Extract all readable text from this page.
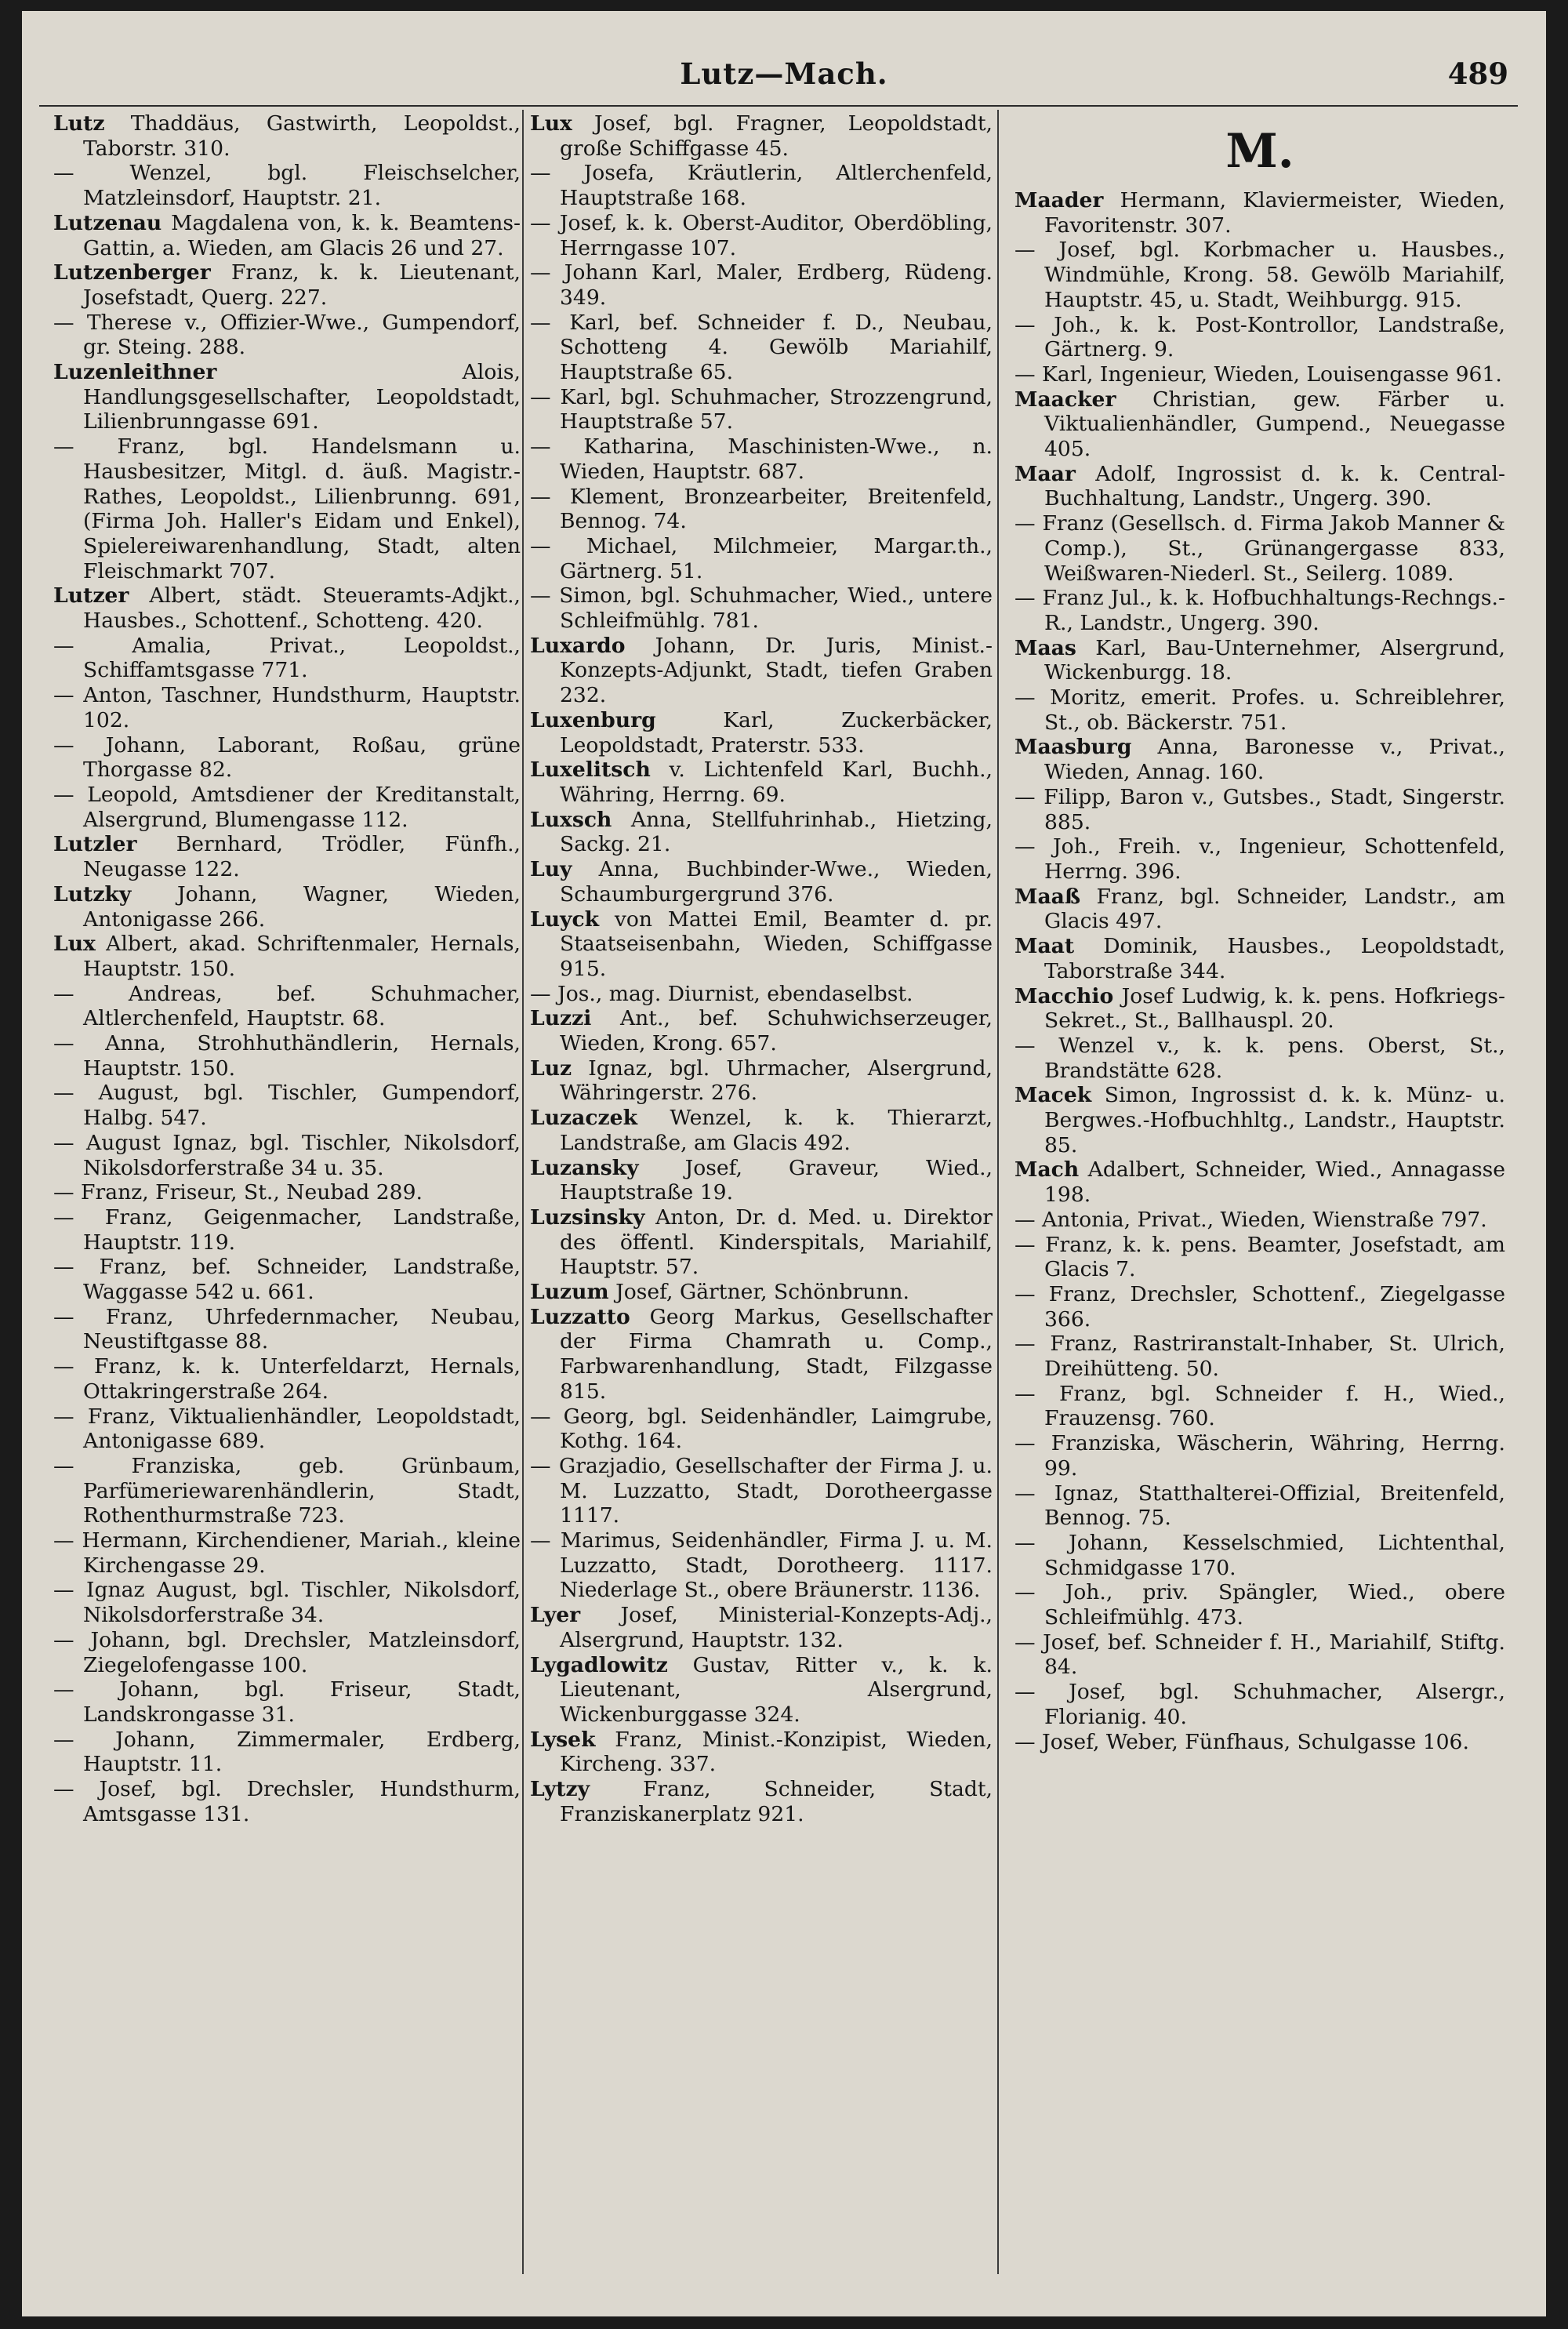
Lutz—Mach.	489

Lutz Thaddäus, Gastwirth, Leopoldst., Taborstr. 310.

— Wenzel, bgl. Fleischselcher, Matzleinsdorf, Hauptstr. 21.

Lutzenau Magdalena von, k. k. Beamtens-Gattin, a. Wieden, am Glacis 26 und 27.

Lutzenberger Franz, k. k. Lieutenant, Josefstadt, Querg. 227.

— Therese v., Offizier-Wwe., Gumpendorf, gr. Steing. 288.

Luzenleithner	Alois, Handlungsgesellschafter, Leopoldstadt, Lilienbrunngasse 691.

— Franz, bgl. Handelsmann u. Hausbesitzer, Mitgl. d. äuß. Magistr.-Rathes, Leopoldst., Lilienbrunng. 691, (Firma Joh. Haller's Eidam und Enkel), Spielereiwarenhandlung, Stadt, alten Fleischmarkt 707.

Lutzer Albert, städt. Steueramts-Adjkt., Hausbes., Schottenf., Schotteng. 420.

— Amalia, Privat., Leopoldst., Schiffamtsgasse 771.

— Anton, Taschner, Hundsthurm, Hauptstr. 102.

— Johann, Laborant, Roßau, grüne Thorgasse 82.

— Leopold, Amtsdiener der Kreditanstalt, Alsergrund, Blumengasse 112.

Lutzler Bernhard, Trödler, Fünfh., Neugasse 122.

Lutzky Johann, Wagner, Wieden, Antonigasse 266.

Lux Albert, akad. Schriftenmaler, Hernals, Hauptstr. 150.

— Andreas, bef. Schuhmacher, Altlerchenfeld, Hauptstr. 68.

— Anna, Strohhuthändlerin, Hernals, Hauptstr. 150.

— August, bgl. Tischler, Gumpendorf, Halbg. 547.

— August Ignaz, bgl. Tischler, Nikolsdorf, Nikolsdorferstraße 34 u. 35.

— Franz, Friseur, St., Neubad 289.

— Franz, Geigenmacher, Landstraße, Hauptstr. 119.

— Franz, bef. Schneider, Landstraße, Waggasse 542 u. 661.

— Franz, Uhrfedernmacher, Neubau, Neustiftgasse 88.

— Franz, k. k. Unterfeldarzt, Hernals, Ottakringerstraße 264.

— Franz, Viktualienhändler, Leopoldstadt, Antonigasse 689.

— Franziska, geb. Grünbaum, Parfümeriewarenhändlerin, Stadt, Rothenthurmstraße 723.

— Hermann, Kirchendiener, Mariah., kleine Kirchengasse 29.

— Ignaz August, bgl. Tischler, Nikolsdorf, Nikolsdorferstraße 34.

— Johann, bgl. Drechsler, Matzleinsdorf, Ziegelofengasse 100.

— Johann, bgl. Friseur, Stadt, Landskrongasse 31.

— Johann, Zimmermaler, Erdberg, Hauptstr. 11.

— Josef, bgl. Drechsler, Hundsthurm, Amtsgasse 131.

Lux Josef, bgl. Fragner, Leopoldstadt, große Schiffgasse 45.

— Josefa, Kräutlerin, Altlerchenfeld, Hauptstraße 168.

— Josef, k. k. Oberst-Auditor, Oberdöbling, Herrngasse 107.

— Johann Karl, Maler, Erdberg, Rüdeng. 349.

— Karl, bef. Schneider f. D., Neubau, Schotteng 4. Gewölb Mariahilf, Hauptstraße 65.

— Karl, bgl. Schuhmacher, Strozzengrund, Hauptstraße 57.

— Katharina, Maschinisten-Wwe., n. Wieden, Hauptstr. 687.

— Klement, Bronzearbeiter, Breitenfeld, Bennog. 74.

— Michael, Milchmeier, Margar.th., Gärtnerg. 51.

— Simon, bgl. Schuhmacher, Wied., untere Schleifmühlg. 781.

Luxardo Johann, Dr. Juris, Minist.-Konzepts-Adjunkt, Stadt, tiefen Graben 232.

Luxenburg	Karl, Zuckerbäcker, Leopoldstadt, Praterstr. 533.

Luxelitsch v. Lichtenfeld Karl, Buchh., Währing, Herrng. 69.

Luxsch Anna, Stellfuhrinhab., Hietzing, Sackg. 21.

Luy Anna, Buchbinder-Wwe., Wieden, Schaumburgergrund 376.

Luyck von Mattei Emil, Beamter d. pr. Staatseisenbahn, Wieden, Schiffgasse 915.

— Jos., mag. Diurnist, ebendaselbst.

Luzzi Ant., bef. Schuhwichserzeuger, Wieden, Krong. 657.

Luz Ignaz, bgl. Uhrmacher, Alsergrund, Währingerstr. 276.

Luzaczek Wenzel, k. k. Thierarzt, Landstraße, am Glacis 492.

Luzansky Josef, Graveur, Wied., Hauptstraße 19.

Luzsinsky Anton, Dr. d. Med. u. Direktor des öffentl. Kinderspitals, Mariahilf, Hauptstr. 57.

Luzum Josef, Gärtner, Schönbrunn.

Luzzatto Georg Markus, Gesellschafter der Firma Chamrath u. Comp., Farbwarenhandlung, Stadt, Filzgasse 815.

— Georg, bgl. Seidenhändler, Laimgrube, Kothg. 164.

— Grazjadio, Gesellschafter der Firma J. u. M. Luzzatto, Stadt, Dorotheergasse 1117.

— Marimus, Seidenhändler, Firma J. u. M. Luzzatto, Stadt, Dorotheerg. 1117. Niederlage St., obere Bräunerstr. 1136.

Lyer Josef, Ministerial-Konzepts-Adj., Alsergrund, Hauptstr. 132.

Lygadlowitz Gustav, Ritter v., k. k. Lieutenant, Alsergrund, Wickenburggasse 324.

Lysek Franz, Minist.-Konzipist, Wieden, Kircheng. 337.

Lytzy	Franz, Schneider, Stadt, Franziskanerplatz 921.

M.

Maader Hermann, Klaviermeister, Wieden, Favoritenstr. 307.

— Josef, bgl. Korbmacher u. Hausbes., Windmühle, Krong. 58. Gewölb Mariahilf, Hauptstr. 45, u. Stadt, Weihburgg. 915.

— Joh., k. k. Post-Kontrollor, Landstraße, Gärtnerg. 9.

— Karl, Ingenieur, Wieden, Louisengasse 961.

Maacker Christian, gew. Färber u. Viktualienhändler, Gumpend., Neuegasse 405.

Maar Adolf, Ingrossist d. k. k. Central-Buchhaltung, Landstr., Ungerg. 390.

— Franz (Gesellsch. d. Firma Jakob Manner & Comp.), St., Grünangergasse 833, Weißwaren-Niederl. St., Seilerg. 1089.

— Franz Jul., k. k. Hofbuchhaltungs-Rechngs.-R., Landstr., Ungerg. 390.

Maas Karl, Bau-Unternehmer, Alsergrund, Wickenburgg. 18.

— Moritz, emerit. Profes. u. Schreiblehrer, St., ob. Bäckerstr. 751.

Maasburg Anna, Baronesse v., Privat., Wieden, Annag. 160.

— Filipp, Baron v., Gutsbes., Stadt, Singerstr. 885.

— Joh., Freih. v., Ingenieur, Schottenfeld, Herrng. 396.

Maaß Franz, bgl. Schneider, Landstr., am Glacis 497.

Maat Dominik, Hausbes., Leopoldstadt, Taborstraße 344.

Macchio Josef Ludwig, k. k. pens. Hofkriegs-Sekret., St., Ballhauspl. 20.

— Wenzel v., k. k. pens. Oberst, St., Brandstätte 628.

Macek Simon, Ingrossist d. k. k. Münz- u. Bergwes.-Hofbuchhltg., Landstr., Hauptstr. 85.

Mach Adalbert, Schneider, Wied., Annagasse 198.

— Antonia, Privat., Wieden, Wienstraße 797.

— Franz, k. k. pens. Beamter, Josefstadt, am Glacis 7.

— Franz, Drechsler, Schottenf., Ziegelgasse 366.

— Franz, Rastriranstalt-Inhaber, St. Ulrich, Dreihütteng. 50.

— Franz, bgl. Schneider f. H., Wied., Frauzensg. 760.

— Franziska, Wäscherin, Währing, Herrng. 99.

— Ignaz, Statthalterei-Offizial, Breitenfeld, Bennog. 75.

— Johann, Kesselschmied, Lichtenthal, Schmidgasse 170.

— Joh., priv. Spängler, Wied., obere Schleifmühlg. 473.

— Josef, bef. Schneider f. H., Mariahilf, Stiftg. 84.

— Josef, bgl. Schuhmacher, Alsergr., Florianig. 40.

— Josef, Weber, Fünfhaus, Schulgasse 106.
